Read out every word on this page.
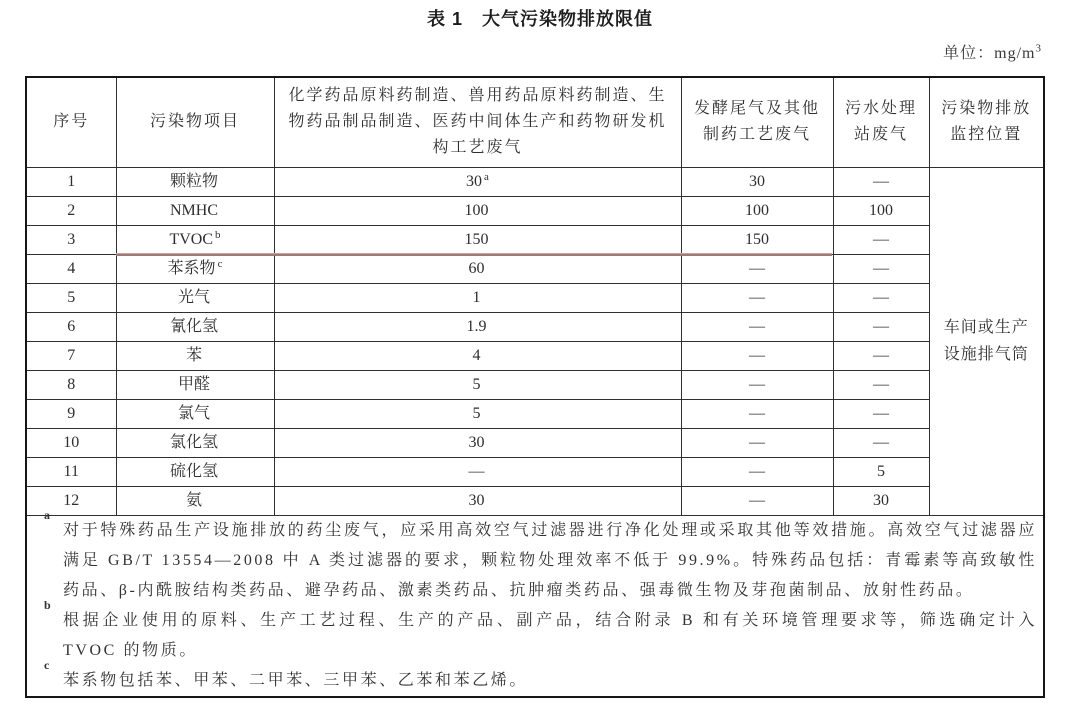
表 1　大气污染物排放限值
单位：$mg/m^3$
序号	污染物项目	化学药品原料药制造、兽用药品原料药制造、生物药品制品制造、医药中间体生产和药物研发机构工艺废气	发酵尾气及其他制药工艺废气	污水处理站废气	污染物排放监控位置
1	颗粒物	30 $^a$	30	—	车间或生产设施排气筒
2	NMHC	100	100	100	
3	TVOC $^b$	150	150	—	
4	苯系物 $^c$	60	—	—	
5	光气	1	—	—	
6	氰化氢	1.9	—	—	
7	苯	4	—	—	
8	甲醛	5	—	—	
9	氯气	5	—	—	
10	氯化氢	30	—	—	
11	硫化氢	—	—	5	
12	氨	30	—	30	

a
对于特殊药品生产设施排放的药尘废气，应采用高效空气过滤器进行净化处理或采取其他等效措施。高效空气过滤器应满足 GB/T 13554—2008 中 A 类过滤器的要求，颗粒物处理效率不低于 99.9%。特殊药品包括：青霉素等高致敏性药品、β-内酰胺结构类药品、避孕药品、激素类药品、抗肿瘤类药品、强毒微生物及芽孢菌制品、放射性药品。

b
根据企业使用的原料、生产工艺过程、生产的产品、副产品，结合附录 B 和有关环境管理要求等，筛选确定计入 TVOC 的物质。

c
苯系物包括苯、甲苯、二甲苯、三甲苯、乙苯和苯乙烯。
